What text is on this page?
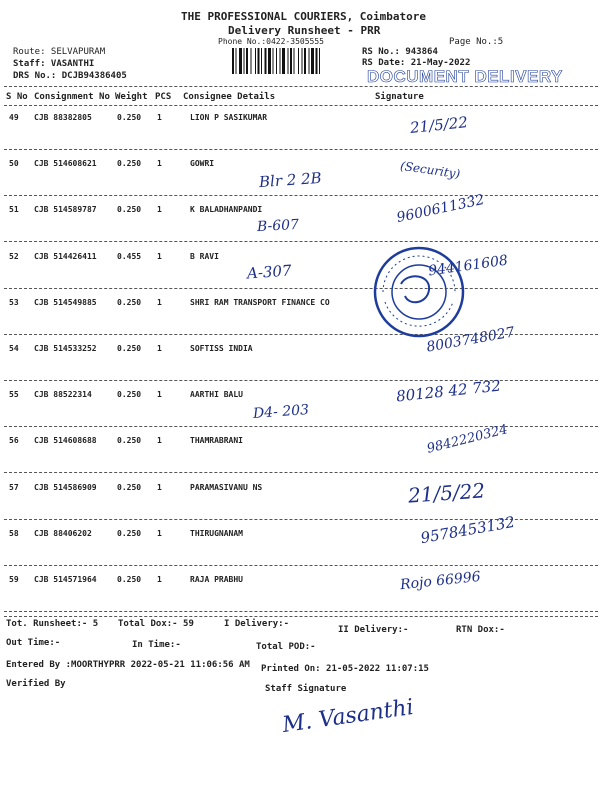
THE PROFESSIONAL COURIERS, Coimbatore
Delivery Runsheet - PRR
Phone No.:0422-3505555	Page No.:5
Route: SELVAPURAM
Staff: VASANTHI
DRS No.: DCJB94386405
RS No.: 943864
RS Date: 21-May-2022
DOCUMENT DELIVERY
S No Consignment No Weight PCS Consignee Details	Signature
49 CJB 88382805	0.250 1	LION P SASIKUMAR	21/5/22
50 CJB 514608621	0.250 1	GOWRI
Blr 2 2B	(Security)
51 CJB 514589787	0.250 1	K BALADHANPANDI
B-607	9600611332
52 CJB 514426411	0.455 1	B RAVI
A-307	944161608
53 CJB 514549885	0.250 1	SHRI RAM TRANSPORT FINANCE CO
54 CJB 514533252	0.250 1	SOFTISS INDIA	8003748027
55 CJB 88522314	0.250 1	AARTHI BALU
D4- 203
80128 42 732
56 CJB 514608688	0.250 1	THAMRABRANI	9842220324
57 CJB 514586909	0.250 1	PARAMASIVANU NS	21/5/22
58 CJB 88406202	0.250 1	THIRUGNANAM	9578453132
59 CJB 514571964	0.250 1	RAJA PRABHU	Rojo 66996
Tot. Runsheet:- 5 Total Dox:- 59	I Delivery:-
II Delivery:-	RTN Dox:-
Out Time:-	In Time:-	Total POD:-
Entered By :MOORTHYPRR 2022-05-21 11:06:56 AM Printed On: 21-05-2022 11:07:15
Verified By	Staff Signature
M. Vasanthi
